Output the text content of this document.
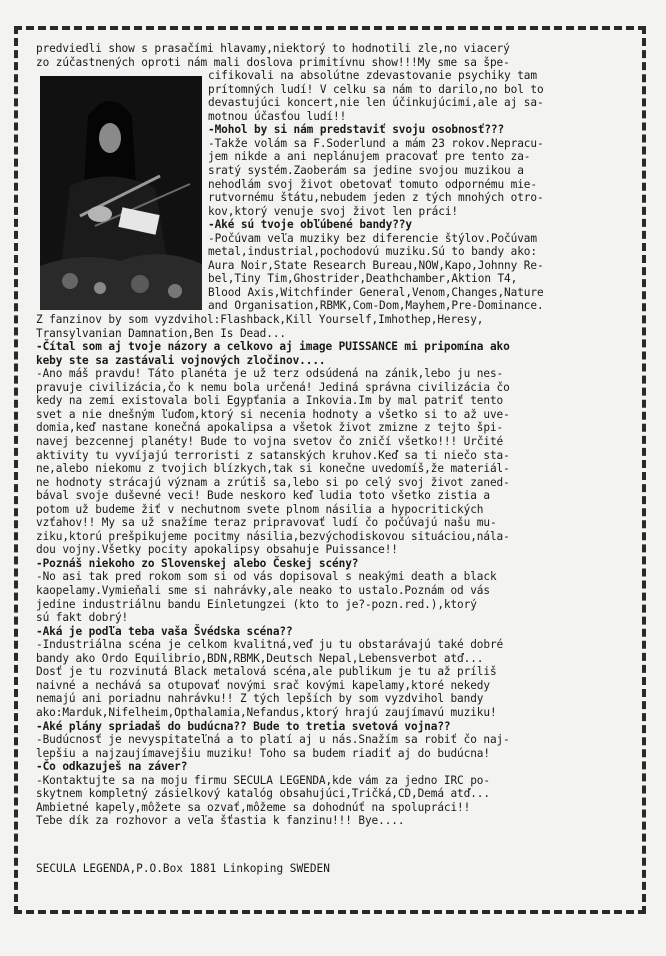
predviedli show s prasačími hlavamy,niektorý to hodnotili zle,no viacerý
zo zúčastnených oproti nám mali doslova primitívnu show!!!My sme sa špe-
cifikovali na absolútne zdevastovanie psychiky tam
prítomných ludí! V celku sa nám to darilo,no bol to
devastujúci koncert,nie len účinkujúcimi,ale aj sa-
motnou účasťou ludí!!
-Mohol by si nám predstaviť svoju osobnosť???
-Takže volám sa F.Soderlund a mám 23 rokov.Nepracu-
jem nikde a ani neplánujem pracovať pre tento za-
sratý systém.Zaoberám sa jedine svojou muzikou a
nehodlám svoj život obetovať tomuto odpornému mie-
rutvornému štátu,nebudem jeden z tých mnohých otro-
kov,ktorý venuje svoj život len práci!
-Aké sú tvoje obľúbené bandy??y
-Počúvam veľa muziky bez diferencie štýlov.Počúvam
metal,industrial,pochodovú muziku.Sú to bandy ako:
Aura Noir,State Research Bureau,NOW,Kapo,Johnny Re-
bel,Tiny Tim,Ghostrider,Deathchamber,Aktion T4,
Blood Axis,Witchfinder General,Venom,Changes,Nature
and Organisation,RBMK,Com-Dom,Mayhem,Pre-Dominance.
Z fanzinov by som vyzdvihol:Flashback,Kill Yourself,Imhothep,Heresy,
Transylvanian Damnation,Ben Is Dead...
-Čítal som aj tvoje názory a celkovo aj image PUISSANCE mi pripomína ako
keby ste sa zastávali vojnových zločinov....
-Ano máš pravdu! Táto planéta je už terz odsúdená na zánik,lebo ju nes-
pravuje civilizácia,čo k nemu bola určená! Jediná správna civilizácia čo
kedy na zemi existovala boli Egypťania a Inkovia.Im by mal patriť tento
svet a nie dnešným ľuďom,ktorý si necenia hodnoty a všetko si to až uve-
domia,keď nastane konečná apokalipsa a všetok život zmizne z tejto špi-
navej bezcennej planéty! Bude to vojna svetov čo zničí všetko!!! Určité
aktivity tu vyvíjajú terroristi z satanských kruhov.Keď sa ti niečo sta-
ne,alebo niekomu z tvojich blízkych,tak si konečne uvedomíš,že materiál-
ne hodnoty strácajú význam a zrútiš sa,lebo si po celý svoj život zaned-
bával svoje duševné veci! Bude neskoro keď ludia toto všetko zistia a
potom už budeme žiť v nechutnom svete plnom násilia a hypocritických
vzťahov!! My sa už snažíme teraz pripravovať ludí čo počúvajú našu mu-
ziku,ktorú prešpikujeme pocitmy násilia,bezvýchodiskovou situáciou,nála-
dou vojny.Všetky pocity apokalipsy obsahuje Puissance!!
-Poznáš niekoho zo Slovenskej alebo Českej scény?
-No asi tak pred rokom som si od vás dopisoval s neakými death a black
kaopelamy.Vymieňali sme si nahrávky,ale neako to ustalo.Poznám od vás
jedine industriálnu bandu Einletungzei (kto to je?-pozn.red.),ktorý
sú fakt dobrý!
-Aká je podľa teba vaša Švédska scéna??
-Industriálna scéna je celkom kvalitná,veď ju tu obstarávajú také dobré
bandy ako Ordo Equilibrio,BDN,RBMK,Deutsch Nepal,Lebensverbot atď...
Dosť je tu rozvinutá Black metalová scéna,ale publikum je tu až príliš
naivné a nechává sa otupovať novými srač kovými kapelamy,ktoré nekedy
nemajú ani poriadnu nahrávku!! Z tých lepších by som vyzdvihol bandy
ako:Marduk,Nifelheim,Opthalamia,Nefandus,ktorý hrajú zaujímavú muziku!
-Aké plány spriadaš do budúcna?? Bude to tretia svetová vojna??
-Budúcnosť je nevyspitateľná a to platí aj u nás.Snažím sa robiť čo naj-
lepšiu a najzaujímavejšiu muziku! Toho sa budem riadiť aj do budúcna!
-Čo odkazuješ na záver?
-Kontaktujte sa na moju firmu SECULA LEGENDA,kde vám za jedno IRC po-
skytnem kompletný zásielkový katalóg obsahujúci,Tričká,CD,Demá atď...
Ambietné kapely,môžete sa ozvať,môžeme sa dohodnúť na spolupráci!!
Tebe dík za rozhovor a veľa šťastia k fanzinu!!! Bye....
SECULA LEGENDA,P.O.Box 1881 Linkoping SWEDEN
